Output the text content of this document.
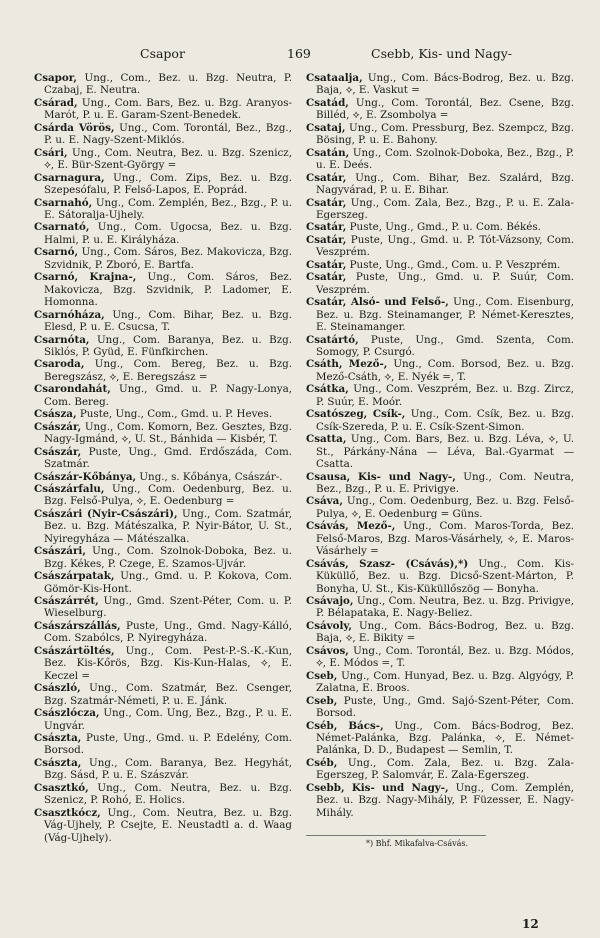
Csapor	169	Csebb, Kis- und Nagy-
Csapor, Ung., Com., Bez. u. Bzg. Neutra, P. Czabaj, E. Neutra.
Csárad, Ung., Com. Bars, Bez. u. Bzg. Aranyos-Marót, P. u. E. Garam-Szent-Benedek.
Csárda Vörös, Ung., Com. Torontál, Bez., Bzg., P. u. E. Nagy-Szent-Miklós.
Csári, Ung., Com. Neutra, Bez. u. Bzg. Szenicz, ⟡, E. Bür-Szent-György =
Csarnagura, Ung., Com. Zips, Bez. u. Bzg. Szepesófalu, P. Felső-Lapos, E. Poprád.
Csarnahó, Ung., Com. Zemplén, Bez., Bzg., P. u. E. Sátoralja-Ujhely.
Csarnató, Ung., Com. Ugocsa, Bez. u. Bzg. Halmi, P. u. E. Királyháza.
Csarnó, Ung., Com. Sáros, Bez. Makovicza, Bzg. Szvidnik, P. Zboró, E. Bartfa.
Csarnó, Krajna-, Ung., Com. Sáros, Bez. Makovicza, Bzg. Szvidnik, P. Ladomer, E. Homonna.
Csarnóháza, Ung., Com. Bihar, Bez. u. Bzg. Elesd, P. u. E. Csucsa, T.
Csarnóta, Ung., Com. Baranya, Bez. u. Bzg. Siklós, P. Gyüd, E. Fünfkirchen.
Csaroda, Ung., Com. Bereg, Bez. u. Bzg. Beregszász, ⟡, E. Beregszász =
Csarondahát, Ung., Gmd. u. P. Nagy-Lonya, Com. Bereg.
Császa, Puste, Ung., Com., Gmd. u. P. Heves.
Császár, Ung., Com. Komorn, Bez. Gesztes, Bzg. Nagy-Igmánd, ⟡, U. St., Bánhida — Kisbér, T.
Császár, Puste, Ung., Gmd. Erdőszáda, Com. Szatmár.
Császár-Kőbánya, Ung., s. Kőbánya, Császár-.
Császárfalu, Ung., Com. Oedenburg, Bez. u. Bzg. Felső-Pulya, ⟡, E. Oedenburg =
Császári (Nyir-Császári), Ung., Com. Szatmár, Bez. u. Bzg. Mátészalka, P. Nyir-Bátor, U. St., Nyiregyháza — Mátészalka.
Császári, Ung., Com. Szolnok-Doboka, Bez. u. Bzg. Kékes, P. Czege, E. Szamos-Ujvár.
Császárpatak, Ung., Gmd. u. P. Kokova, Com. Gömör-Kis-Hont.
Császárrét, Ung., Gmd. Szent-Péter, Com. u. P. Wieselburg.
Császárszállás, Puste, Ung., Gmd. Nagy-Kálló, Com. Szabólcs, P. Nyiregyháza.
Császártöltés, Ung., Com. Pest-P.-S.-K.-Kun, Bez. Kis-Kőrös, Bzg. Kis-Kun-Halas, ⟡, E. Keczel =
Császló, Ung., Com. Szatmár, Bez. Csenger, Bzg. Szatmár-Németi, P. u. E. Jánk.
Császlócza, Ung., Com. Ung, Bez., Bzg., P. u. E. Ungvár.
Császta, Puste, Ung., Gmd. u. P. Edelény, Com. Borsod.
Császta, Ung., Com. Baranya, Bez. Hegyhát, Bzg. Sásd, P. u. E. Szászvár.
Csasztkó, Ung., Com. Neutra, Bez. u. Bzg. Szenicz, P. Rohó, E. Holics.
Csasztkócz, Ung., Com. Neutra, Bez. u. Bzg. Vág-Ujhely, P. Csejte, E. Neustadtl a. d. Waag (Vág-Ujhely).
Csataalja, Ung., Com. Bács-Bodrog, Bez. u. Bzg. Baja, ⟡, E. Vaskut =
Csatád, Ung., Com. Torontál, Bez. Csene, Bzg. Billéd, ⟡, E. Zsombolya =
Csataj, Ung., Com. Pressburg, Bez. Szempcz, Bzg. Bösing, P. u. E. Bahony.
Csatán, Ung., Com. Szolnok-Doboka, Bez., Bzg., P. u. E. Deés.
Csatár, Ung., Com. Bihar, Bez. Szalárd, Bzg. Nagyvárad, P. u. E. Bihar.
Csatár, Ung., Com. Zala, Bez., Bzg., P. u. E. Zala-Egerszeg.
Csatár, Puste, Ung., Gmd., P. u. Com. Békés.
Csatár, Puste, Ung., Gmd. u. P. Tót-Vázsony, Com. Veszprém.
Csatár, Puste, Ung., Gmd., Com. u. P. Veszprém.
Csatár, Puste, Ung., Gmd. u. P. Suúr, Com. Veszprém.
Csatár, Alsó- und Felső-, Ung., Com. Eisenburg, Bez. u. Bzg. Steinamanger, P. Német-Keresztes, E. Steinamanger.
Csatártó, Puste, Ung., Gmd. Szenta, Com. Somogy, P. Csurgó.
Csáth, Mező-, Ung., Com. Borsod, Bez. u. Bzg. Mező-Csáth, ⟡, E. Nyék =, T.
Csátka, Ung., Com. Veszprém, Bez. u. Bzg. Zircz, P. Suúr, E. Moór.
Csatószeg, Csík-, Ung., Com. Csík, Bez. u. Bzg. Csík-Szereda, P. u. E. Csík-Szent-Simon.
Csatta, Ung., Com. Bars, Bez. u. Bzg. Léva, ⟡, U. St., Párkány-Nána — Léva, Bal.-Gyarmat — Csatta.
Csausa, Kis- und Nagy-, Ung., Com. Neutra, Bez., Bzg., P. u. E. Privigye.
Csáva, Ung., Com. Oedenburg, Bez. u. Bzg. Felső-Pulya, ⟡, E. Oedenburg = Güns.
Csávás, Mező-, Ung., Com. Maros-Torda, Bez. Felső-Maros, Bzg. Maros-Vásárhely, ⟡, E. Maros-Vásárhely =
Csávás, Szasz- (Csávás),*) Ung., Com. Kis-Küküllő, Bez. u. Bzg. Dicső-Szent-Márton, P. Bonyha, U. St., Kis-Küküllőszög — Bonyha.
Csávajo, Ung., Com. Neutra, Bez. u. Bzg. Privigye, P. Bélapataka, E. Nagy-Beliez.
Csávoly, Ung., Com. Bács-Bodrog, Bez. u. Bzg. Baja, ⟡, E. Bikity =
Csávos, Ung., Com. Torontál, Bez. u. Bzg. Módos, ⟡, E. Módos =, T.
Cseb, Ung., Com. Hunyad, Bez. u. Bzg. Algyógy, P. Zalatna, E. Broos.
Cseb, Puste, Ung., Gmd. Sajó-Szent-Péter, Com. Borsod.
Cséb, Bács-, Ung., Com. Bács-Bodrog, Bez. Német-Palánka, Bzg. Palánka, ⟡, E. Német-Palánka, D. D., Budapest — Semlin, T.
Cséb, Ung., Com. Zala, Bez. u. Bzg. Zala-Egerszeg, P. Salomvár, E. Zala-Egerszeg.
Csebb, Kis- und Nagy-, Ung., Com. Zemplén, Bez. u. Bzg. Nagy-Mihály, P. Füzesser, E. Nagy-Mihály.
*) Bhf. Mikafalva-Csávás.
12
